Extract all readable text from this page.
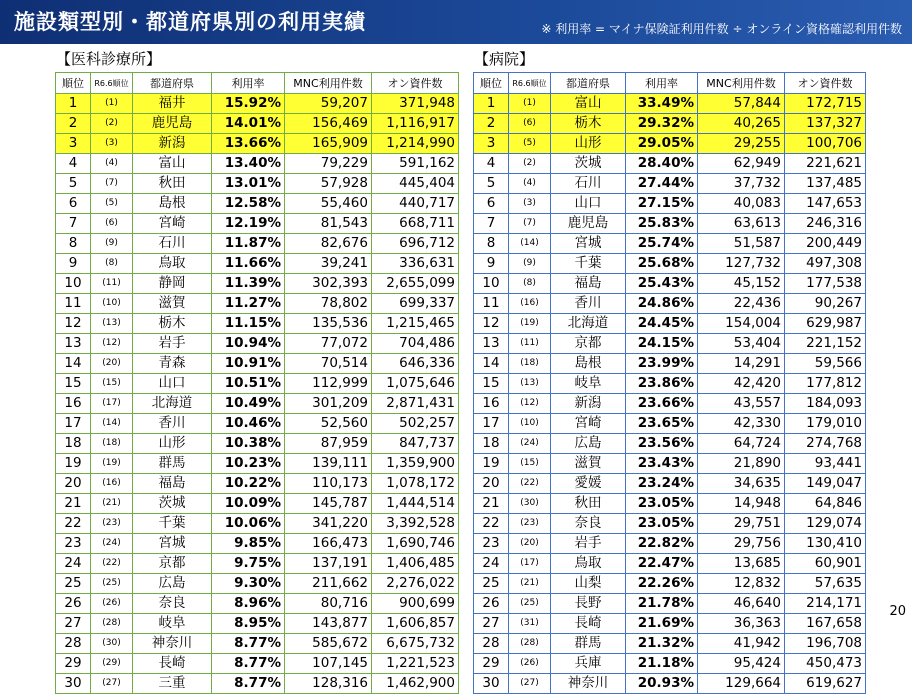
施設類型別・都道府県別の利用実績	※ 利用率 = マイナ保険証利用件数 ÷ オンライン資格確認利用件数
【医科診療所】	【病院】
順位	R6.6順位	都道府県	利用率	MNC利用件数	オン資件数
1	(1)	福井	15.92%	59,207	371,948
2	(2)	鹿児島	14.01%	156,469	1,116,917
3	(3)	新潟	13.66%	165,909	1,214,990
4	(4)	富山	13.40%	79,229	591,162
5	(7)	秋田	13.01%	57,928	445,404
6	(5)	島根	12.58%	55,460	440,717
7	(6)	宮崎	12.19%	81,543	668,711
8	(9)	石川	11.87%	82,676	696,712
9	(8)	鳥取	11.66%	39,241	336,631
10	(11)	静岡	11.39%	302,393	2,655,099
11	(10)	滋賀	11.27%	78,802	699,337
12	(13)	栃木	11.15%	135,536	1,215,465
13	(12)	岩手	10.94%	77,072	704,486
14	(20)	青森	10.91%	70,514	646,336
15	(15)	山口	10.51%	112,999	1,075,646
16	(17)	北海道	10.49%	301,209	2,871,431
17	(14)	香川	10.46%	52,560	502,257
18	(18)	山形	10.38%	87,959	847,737
19	(19)	群馬	10.23%	139,111	1,359,900
20	(16)	福島	10.22%	110,173	1,078,172
21	(21)	茨城	10.09%	145,787	1,444,514
22	(23)	千葉	10.06%	341,220	3,392,528
23	(24)	宮城	9.85%	166,473	1,690,746
24	(22)	京都	9.75%	137,191	1,406,485
25	(25)	広島	9.30%	211,662	2,276,022
26	(26)	奈良	8.96%	80,716	900,699
27	(28)	岐阜	8.95%	143,877	1,606,857
28	(30)	神奈川	8.77%	585,672	6,675,732
29	(29)	長崎	8.77%	107,145	1,221,523
30	(27)	三重	8.77%	128,316	1,462,900
順位	R6.6順位	都道府県	利用率	MNC利用件数	オン資件数
1	(1)	富山	33.49%	57,844	172,715
2	(6)	栃木	29.32%	40,265	137,327
3	(5)	山形	29.05%	29,255	100,706
4	(2)	茨城	28.40%	62,949	221,621
5	(4)	石川	27.44%	37,732	137,485
6	(3)	山口	27.15%	40,083	147,653
7	(7)	鹿児島	25.83%	63,613	246,316
8	(14)	宮城	25.74%	51,587	200,449
9	(9)	千葉	25.68%	127,732	497,308
10	(8)	福島	25.43%	45,152	177,538
11	(16)	香川	24.86%	22,436	90,267
12	(19)	北海道	24.45%	154,004	629,987
13	(11)	京都	24.15%	53,404	221,152
14	(18)	島根	23.99%	14,291	59,566
15	(13)	岐阜	23.86%	42,420	177,812
16	(12)	新潟	23.66%	43,557	184,093
17	(10)	宮崎	23.65%	42,330	179,010
18	(24)	広島	23.56%	64,724	274,768
19	(15)	滋賀	23.43%	21,890	93,441
20	(22)	愛媛	23.24%	34,635	149,047
21	(30)	秋田	23.05%	14,948	64,846
22	(23)	奈良	23.05%	29,751	129,074
23	(20)	岩手	22.82%	29,756	130,410
24	(17)	鳥取	22.47%	13,685	60,901
25	(21)	山梨	22.26%	12,832	57,635
26	(25)	長野	21.78%	46,640	214,171
27	(31)	長崎	21.69%	36,363	167,658
28	(28)	群馬	21.32%	41,942	196,708
29	(26)	兵庫	21.18%	95,424	450,473
30	(27)	神奈川	20.93%	129,664	619,627
20
